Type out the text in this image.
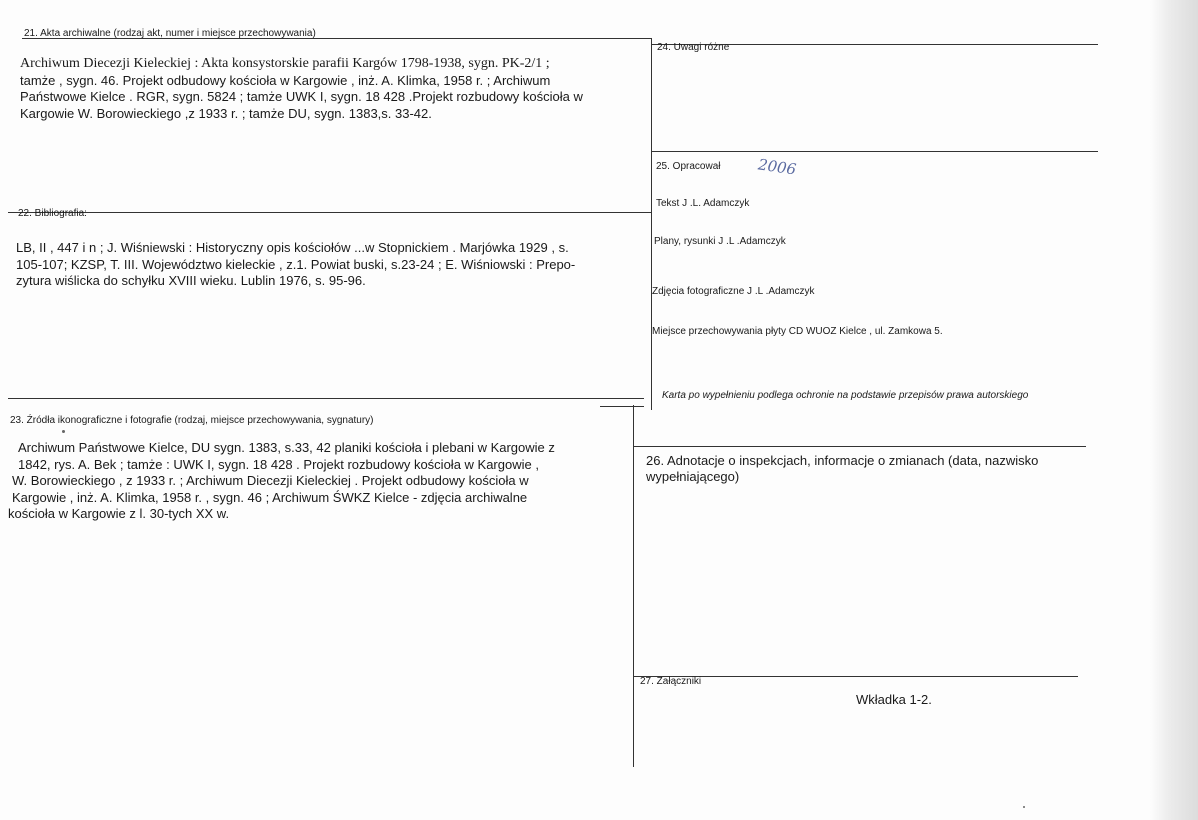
21. Akta archiwalne (rodzaj akt, numer i miejsce przechowywania)
Archiwum Diecezji Kieleckiej : Akta konsystorskie parafii Kargów 1798-1938, sygn. PK-2/1 ;
tamże , sygn. 46. Projekt odbudowy kościoła w Kargowie , inż. A. Klimka, 1958 r. ; Archiwum
Państwowe Kielce . RGR, sygn. 5824 ; tamże UWK I, sygn. 18 428 .Projekt rozbudowy kościoła w
Kargowie W. Borowieckiego ,z 1933 r. ; tamże DU, sygn. 1383,s. 33-42.
22. Bibliografia:
LB, II , 447 i n ; J. Wiśniewski : Historyczny opis kościołów ...w Stopnickiem . Marjówka 1929 , s.
105-107; KZSP, T. III. Województwo kieleckie , z.1. Powiat buski, s.23-24 ; E. Wiśniowski : Prepo-
zytura wiślicka do schyłku XVIII wieku. Lublin 1976, s. 95-96.
23. Źródła ikonograficzne i fotografie (rodzaj, miejsce przechowywania, sygnatury)
Archiwum Państwowe Kielce, DU sygn. 1383, s.33, 42 planiki kościoła i plebani w Kargowie z
1842, rys. A. Bek ; tamże : UWK I, sygn. 18 428 . Projekt rozbudowy kościoła w Kargowie ,
W. Borowieckiego , z 1933 r. ; Archiwum Diecezji Kieleckiej . Projekt odbudowy kościoła w
Kargowie , inż. A. Klimka, 1958 r. , sygn. 46 ; Archiwum ŚWKZ Kielce - zdjęcia archiwalne
kościoła w Kargowie z l. 30-tych XX w.
24. Uwagi różne
25. Opracował 2006
Tekst J .L. Adamczyk
Plany, rysunki J .L .Adamczyk
Zdjęcia fotograficzne J .L .Adamczyk
Miejsce przechowywania płyty CD WUOZ Kielce , ul. Zamkowa 5.
Karta po wypełnieniu podlega ochronie na podstawie przepisów prawa autorskiego
26. Adnotacje o inspekcjach, informacje o zmianach (data, nazwisko
wypełniającego)
27. Załączniki
Wkładka 1-2.
